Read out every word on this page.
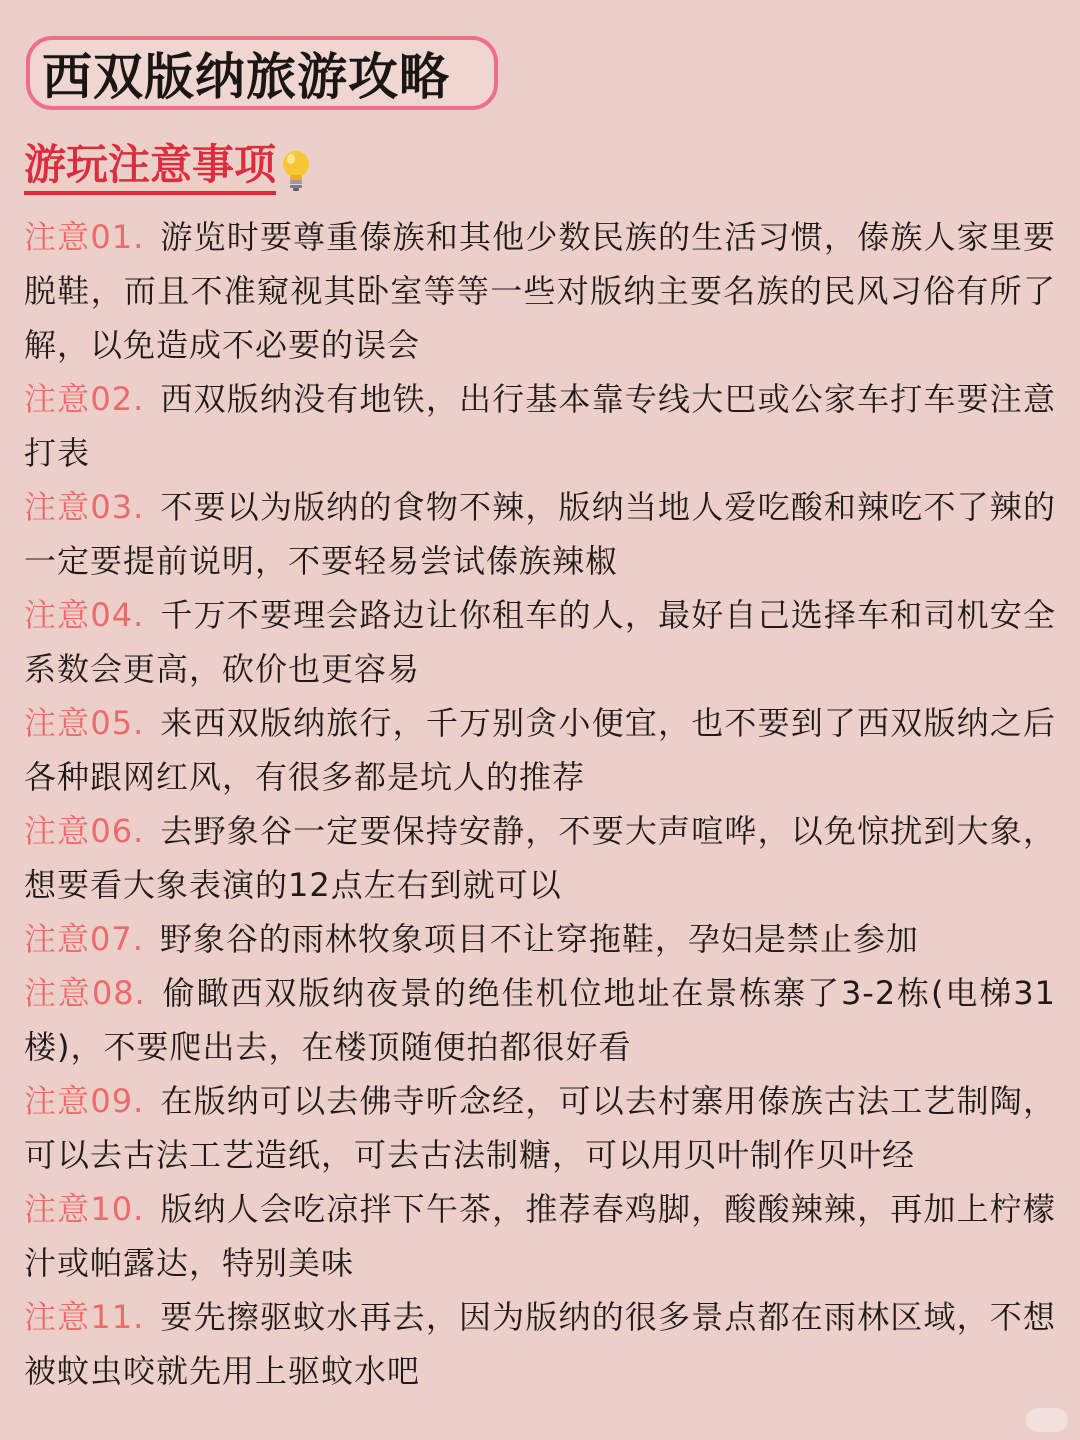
西双版纳旅游攻略
游玩注意事项
注意01. 游览时要尊重傣族和其他少数民族的生活习惯，傣族人家里要脱鞋，而且不准窥视其卧室等等一些对版纳主要名族的民风习俗有所了解，以免造成不必要的误会
注意02. 西双版纳没有地铁，出行基本靠专线大巴或公家车打车要注意打表
注意03. 不要以为版纳的食物不辣，版纳当地人爱吃酸和辣吃不了辣的一定要提前说明，不要轻易尝试傣族辣椒
注意04. 千万不要理会路边让你租车的人，最好自己选择车和司机安全系数会更高，砍价也更容易
注意05. 来西双版纳旅行，千万别贪小便宜，也不要到了西双版纳之后各种跟网红风，有很多都是坑人的推荐
注意06. 去野象谷一定要保持安静，不要大声喧哗，以免惊扰到大象，想要看大象表演的12点左右到就可以
注意07. 野象谷的雨林牧象项目不让穿拖鞋，孕妇是禁止参加
注意08. 偷瞰西双版纳夜景的绝佳机位地址在景栋寨了3-2栋(电梯31楼)，不要爬出去，在楼顶随便拍都很好看
注意09. 在版纳可以去佛寺听念经，可以去村寨用傣族古法工艺制陶，可以去古法工艺造纸，可去古法制糖，可以用贝叶制作贝叶经
注意10. 版纳人会吃凉拌下午茶，推荐春鸡脚，酸酸辣辣，再加上柠檬汁或帕露达，特别美味
注意11. 要先擦驱蚊水再去，因为版纳的很多景点都在雨林区域，不想被蚊虫咬就先用上驱蚊水吧
